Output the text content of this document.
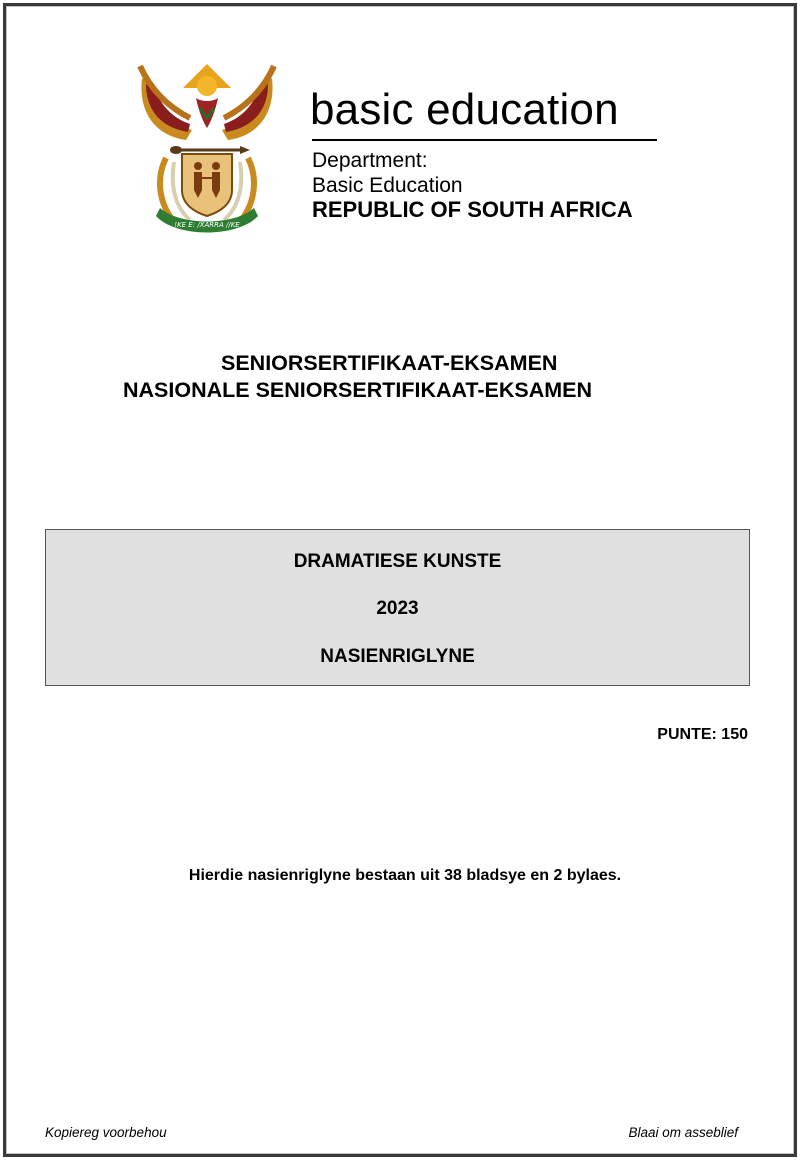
!KE E: /XARRA //KE
basic education
Department:
Basic Education
REPUBLIC OF SOUTH AFRICA
SENIORSERTIFIKAAT-EKSAMEN
NASIONALE SENIORSERTIFIKAAT-EKSAMEN
DRAMATIESE KUNSTE
2023
NASIENRIGLYNE
PUNTE: 150
Hierdie nasienriglyne bestaan uit 38 bladsye en 2 bylaes.
Kopiereg voorbehou	Blaai om asseblief
